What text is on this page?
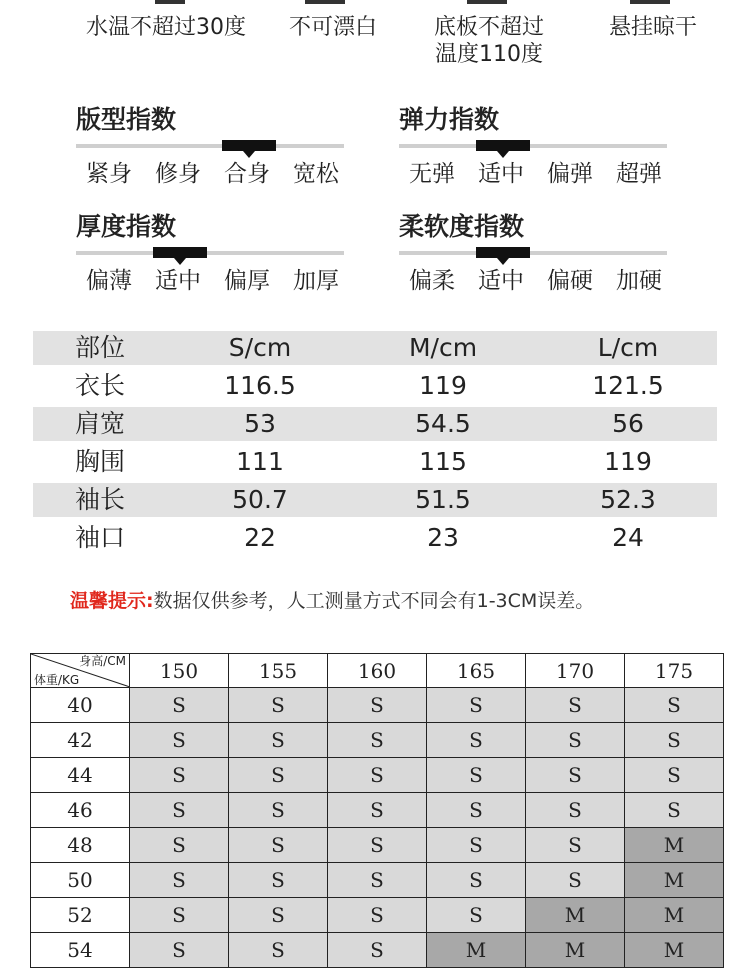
水温不超过30度	不可漂白	底板不超过
温度110度
悬挂晾干
版型指数
紧身	修身	合身	宽松
弹力指数
无弹	适中	偏弹	超弹
厚度指数
偏薄	适中	偏厚	加厚
柔软度指数
偏柔	适中	偏硬	加硬
部位	S/cm	M/cm	L/cm
衣长	116.5	119	121.5
肩宽	53	54.5	56
胸围	111	115	119
袖长	50.7	51.5	52.3
袖口	22	23	24
温馨提示:数据仅供参考，人工测量方式不同会有1-3CM误差。
身高/CM
体重/KG	150	155	160	165	170	175
40	S	S	S	S	S	S
42	S	S	S	S	S	S
44	S	S	S	S	S	S
46	S	S	S	S	S	S
48	S	S	S	S	S	M
50	S	S	S	S	S	M
52	S	S	S	S	M	M
54	S	S	S	M	M	M
